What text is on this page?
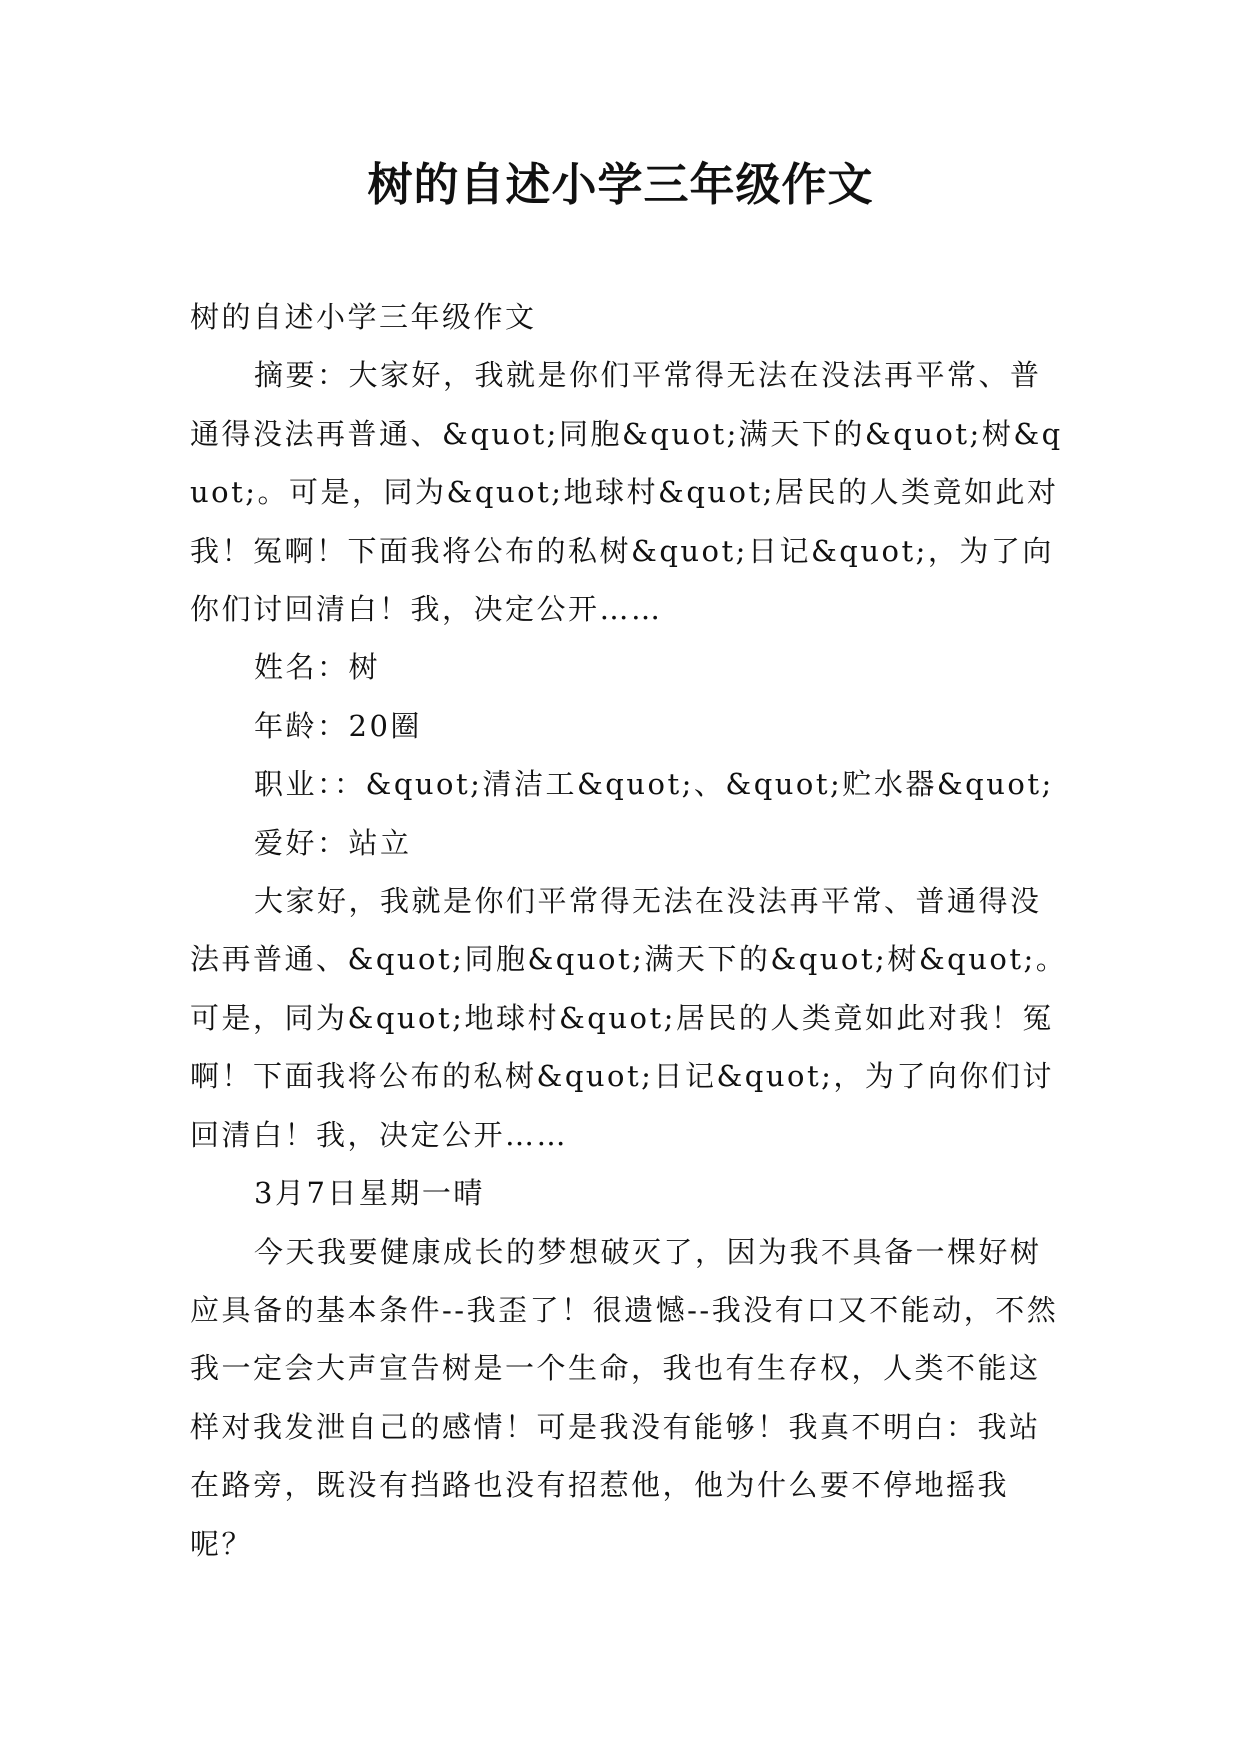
树的自述小学三年级作文

树的自述小学三年级作文

摘要：大家好，我就是你们平常得无法在没法再平常、普通得没法再普通、&quot;同胞&quot;满天下的&quot;树&quot;。可是，同为&quot;地球村&quot;居民的人类竟如此对我！冤啊！下面我将公布的私树&quot;日记&quot;，为了向你们讨回清白！我，决定公开……

姓名：树

年龄：20圈

职业：：&quot;清洁工&quot;、&quot;贮水器&quot;

爱好：站立

大家好，我就是你们平常得无法在没法再平常、普通得没法再普通、&quot;同胞&quot;满天下的&quot;树&quot;。可是，同为&quot;地球村&quot;居民的人类竟如此对我！冤啊！下面我将公布的私树&quot;日记&quot;，为了向你们讨回清白！我，决定公开……

3月7日星期一晴

今天我要健康成长的梦想破灭了，因为我不具备一棵好树应具备的基本条件--我歪了！很遗憾--我没有口又不能动，不然我一定会大声宣告树是一个生命，我也有生存权，人类不能这样对我发泄自己的感情！可是我没有能够！我真不明白：我站在路旁，既没有挡路也没有招惹他，他为什么要不停地摇我呢？
